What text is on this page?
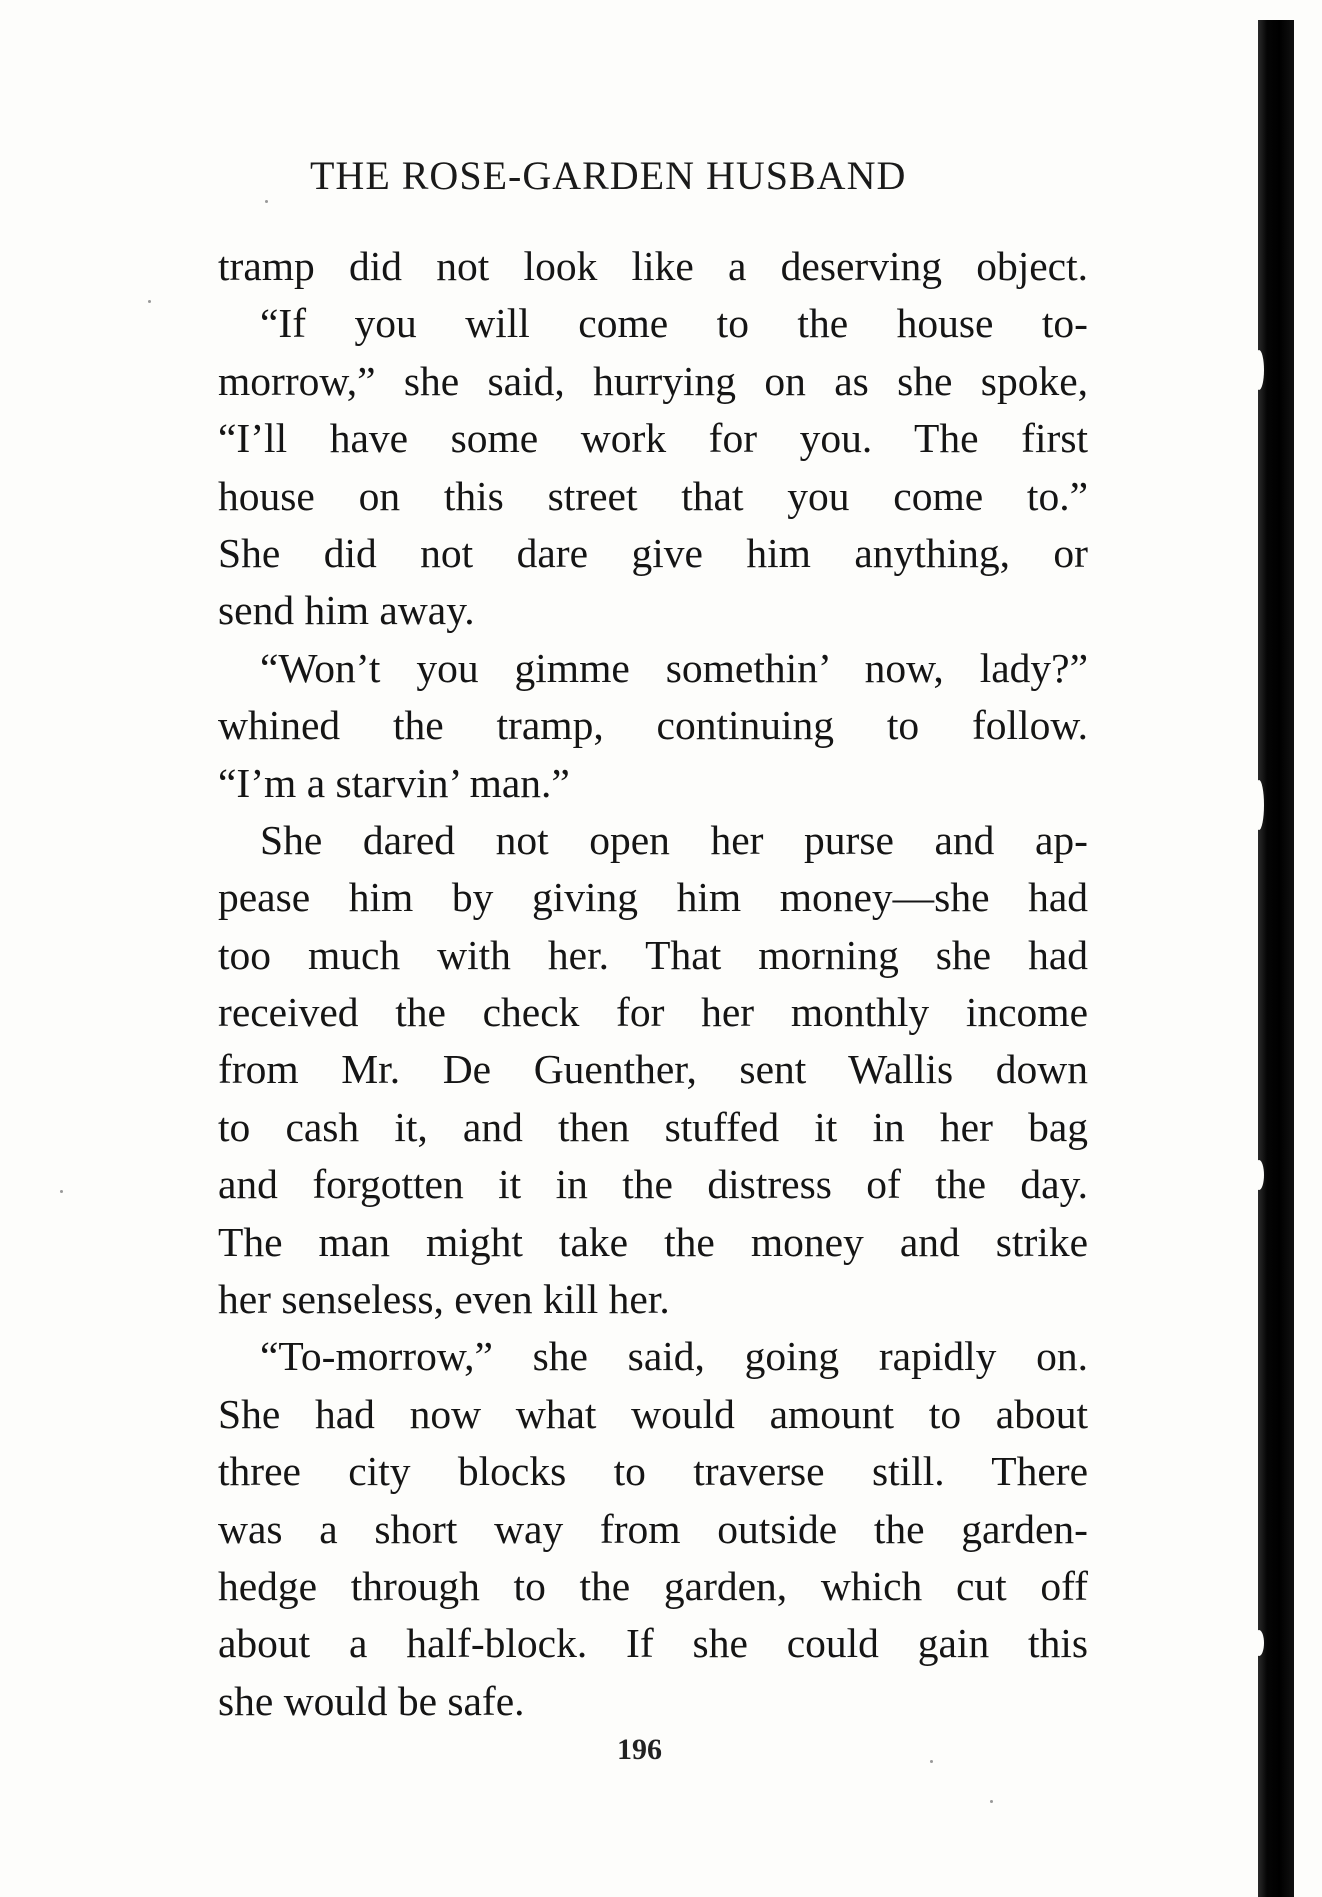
THE ROSE-GARDEN HUSBAND
tramp did not look like a deserving object.
“If you will come to the house to-
morrow,” she said, hurrying on as she spoke,
“I’ll have some work for you. The first
house on this street that you come to.”
She did not dare give him anything, or
send him away.
“Won’t you gimme somethin’ now, lady?”
whined the tramp, continuing to follow.
“I’m a starvin’ man.”
She dared not open her purse and ap-
pease him by giving him money—she had
too much with her. That morning she had
received the check for her monthly income
from Mr. De Guenther, sent Wallis down
to cash it, and then stuffed it in her bag
and forgotten it in the distress of the day.
The man might take the money and strike
her senseless, even kill her.
“To-morrow,” she said, going rapidly on.
She had now what would amount to about
three city blocks to traverse still. There
was a short way from outside the garden-
hedge through to the garden, which cut off
about a half-block. If she could gain this
she would be safe.
196
